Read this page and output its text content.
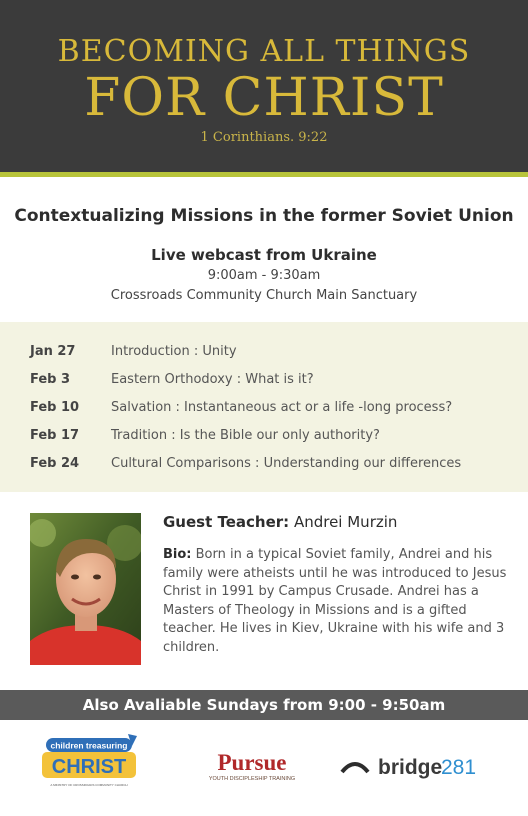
BECOMING ALL THINGS
FOR CHRIST
1 Corinthians. 9:22
Contextualizing Missions in the former Soviet Union
Live webcast from Ukraine
9:00am - 9:30am
Crossroads Community Church Main Sanctuary
Jan 27	Introduction : Unity
Feb 3	Eastern Orthodoxy : What is it?
Feb 10 Salvation : Instantaneous act or a life -long process?
Feb 17 Tradition : Is the Bible our only authority?
Feb 24 Cultural Comparisons : Understanding our differences
Guest Teacher: Andrei Murzin
Bio: Born in a typical Soviet family, Andrei and his family were atheists until he was introduced to Jesus Christ in 1991 by Campus Crusade. Andrei has a Masters of Theology in Missions and is a gifted teacher. He lives in Kiev, Ukraine with his wife and 3 children.
Also Avaliable Sundays from 9:00 - 9:50am
children treasuring
CHRIST
A MINISTRY OF CROSSROADS COMMUNITY CHURCH
Pursue
YOUTH DISCIPLESHIP TRAINING	bridge
281
